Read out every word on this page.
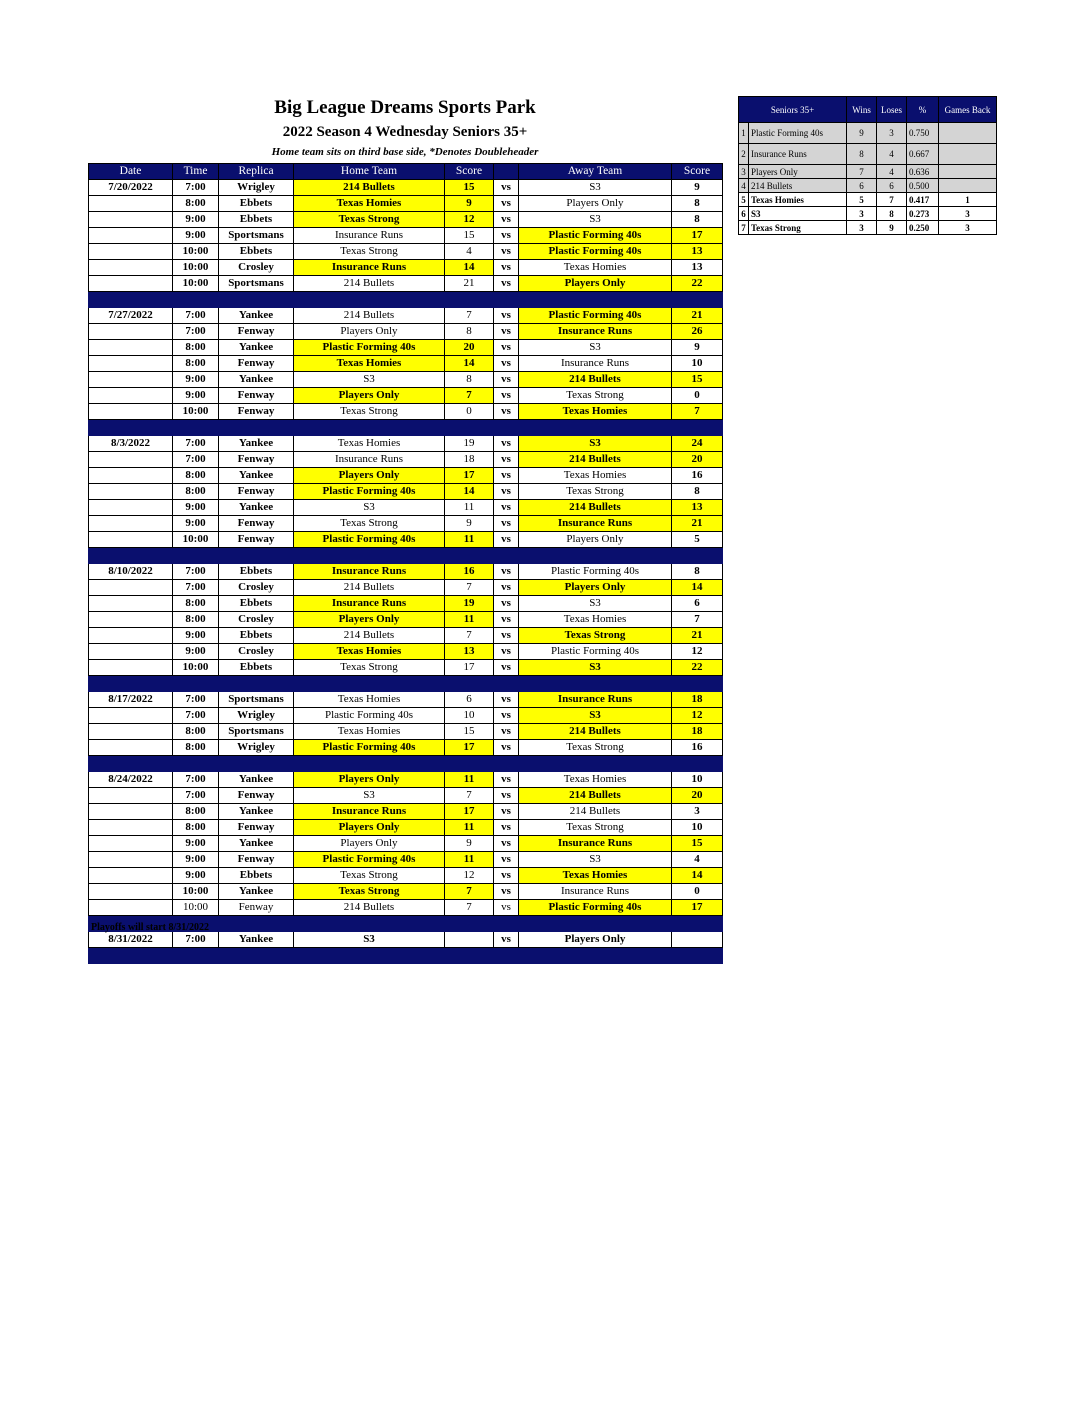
Big League Dreams Sports Park
2022 Season 4 Wednesday Seniors 35+
Home team sits on third base side, *Denotes Doubleheader
Date	Time	Replica	Home Team	Score		Away Team	Score
7/20/2022	7:00	Wrigley	214 Bullets	15	vs	S3	9
	8:00	Ebbets	Texas Homies	9	vs	Players Only	8
	9:00	Ebbets	Texas Strong	12	vs	S3	8
	9:00	Sportsmans	Insurance Runs	15	vs	Plastic Forming 40s	17
	10:00	Ebbets	Texas Strong	4	vs	Plastic Forming 40s	13
	10:00	Crosley	Insurance Runs	14	vs	Texas Homies	13
	10:00	Sportsmans	214 Bullets	21	vs	Players Only	22

7/27/2022	7:00	Yankee	214 Bullets	7	vs	Plastic Forming 40s	21
	7:00	Fenway	Players Only	8	vs	Insurance Runs	26
	8:00	Yankee	Plastic Forming 40s	20	vs	S3	9
	8:00	Fenway	Texas Homies	14	vs	Insurance Runs	10
	9:00	Yankee	S3	8	vs	214 Bullets	15
	9:00	Fenway	Players Only	7	vs	Texas Strong	0
	10:00	Fenway	Texas Strong	0	vs	Texas Homies	7

8/3/2022	7:00	Yankee	Texas Homies	19	vs	S3	24
	7:00	Fenway	Insurance Runs	18	vs	214 Bullets	20
	8:00	Yankee	Players Only	17	vs	Texas Homies	16
	8:00	Fenway	Plastic Forming 40s	14	vs	Texas Strong	8
	9:00	Yankee	S3	11	vs	214 Bullets	13
	9:00	Fenway	Texas Strong	9	vs	Insurance Runs	21
	10:00	Fenway	Plastic Forming 40s	11	vs	Players Only	5

8/10/2022	7:00	Ebbets	Insurance Runs	16	vs	Plastic Forming 40s	8
	7:00	Crosley	214 Bullets	7	vs	Players Only	14
	8:00	Ebbets	Insurance Runs	19	vs	S3	6
	8:00	Crosley	Players Only	11	vs	Texas Homies	7
	9:00	Ebbets	214 Bullets	7	vs	Texas Strong	21
	9:00	Crosley	Texas Homies	13	vs	Plastic Forming 40s	12
	10:00	Ebbets	Texas Strong	17	vs	S3	22

8/17/2022	7:00	Sportsmans	Texas Homies	6	vs	Insurance Runs	18
	7:00	Wrigley	Plastic Forming 40s	10	vs	S3	12
	8:00	Sportsmans	Texas Homies	15	vs	214 Bullets	18
	8:00	Wrigley	Plastic Forming 40s	17	vs	Texas Strong	16

8/24/2022	7:00	Yankee	Players Only	11	vs	Texas Homies	10
	7:00	Fenway	S3	7	vs	214 Bullets	20
	8:00	Yankee	Insurance Runs	17	vs	214 Bullets	3
	8:00	Fenway	Players Only	11	vs	Texas Strong	10
	9:00	Yankee	Players Only	9	vs	Insurance Runs	15
	9:00	Fenway	Plastic Forming 40s	11	vs	S3	4
	9:00	Ebbets	Texas Strong	12	vs	Texas Homies	14
	10:00	Yankee	Texas Strong	7	vs	Insurance Runs	0
	10:00	Fenway	214 Bullets	7	vs	Plastic Forming 40s	17

8/31/2022	7:00	Yankee	S3		vs	Players Only	

Playoffs will start 8/31/2022
Seniors 35+		Wins	Loses	%	Games Back
1	Plastic Forming 40s	9	3	0.750	
2	Insurance Runs	8	4	0.667	
3	Players Only	7	4	0.636	
4	214 Bullets	6	6	0.500	
5	Texas Homies	5	7	0.417	1
6	S3	3	8	0.273	3
7	Texas Strong	3	9	0.250	3
